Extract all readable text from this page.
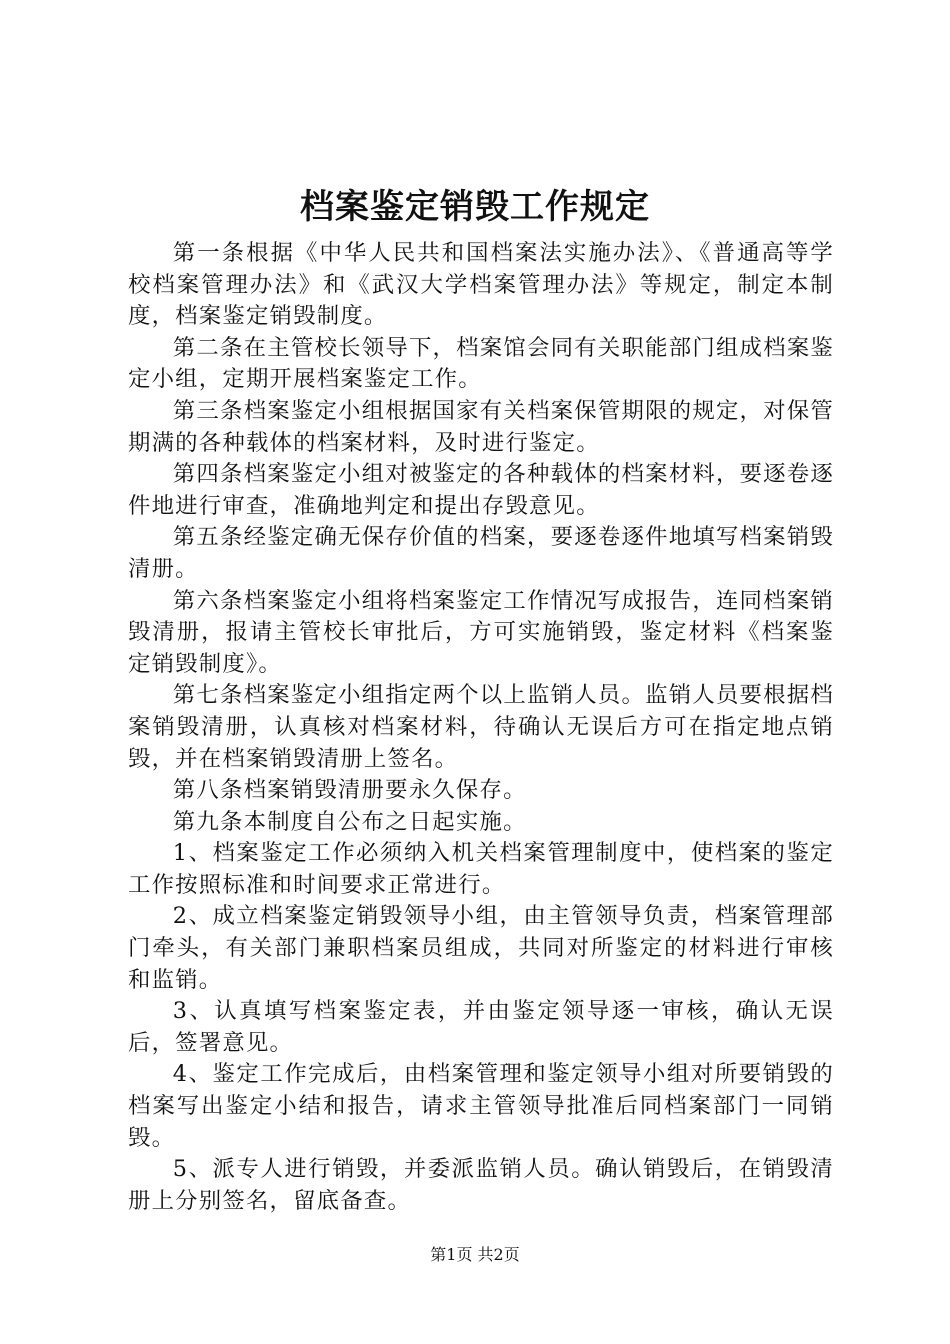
档案鉴定销毁工作规定

第一条根据《中华人民共和国档案法实施办法》、《普通高等学校档案管理办法》和《武汉大学档案管理办法》等规定，制定本制度，档案鉴定销毁制度。

第二条在主管校长领导下，档案馆会同有关职能部门组成档案鉴定小组，定期开展档案鉴定工作。

第三条档案鉴定小组根据国家有关档案保管期限的规定，对保管期满的各种载体的档案材料，及时进行鉴定。

第四条档案鉴定小组对被鉴定的各种载体的档案材料，要逐卷逐件地进行审查，准确地判定和提出存毁意见。

第五条经鉴定确无保存价值的档案，要逐卷逐件地填写档案销毁清册。

第六条档案鉴定小组将档案鉴定工作情况写成报告，连同档案销毁清册，报请主管校长审批后，方可实施销毁，鉴定材料《档案鉴定销毁制度》。

第七条档案鉴定小组指定两个以上监销人员。监销人员要根据档案销毁清册，认真核对档案材料，待确认无误后方可在指定地点销毁，并在档案销毁清册上签名。

第八条档案销毁清册要永久保存。

第九条本制度自公布之日起实施。

1、档案鉴定工作必须纳入机关档案管理制度中，使档案的鉴定工作按照标准和时间要求正常进行。

2、成立档案鉴定销毁领导小组，由主管领导负责，档案管理部门牵头，有关部门兼职档案员组成，共同对所鉴定的材料进行审核和监销。

3、认真填写档案鉴定表，并由鉴定领导逐一审核，确认无误后，签署意见。

4、鉴定工作完成后，由档案管理和鉴定领导小组对所要销毁的档案写出鉴定小结和报告，请求主管领导批准后同档案部门一同销毁。

5、派专人进行销毁，并委派监销人员。确认销毁后，在销毁清册上分别签名，留底备查。

第1页 共2页
